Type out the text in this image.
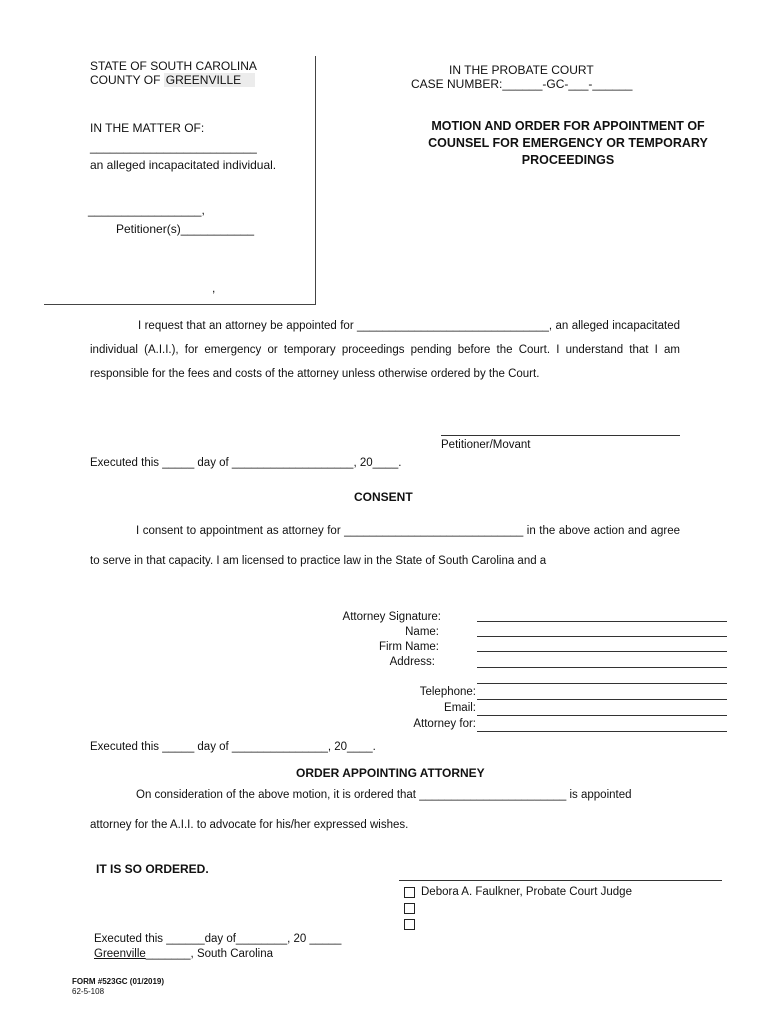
STATE OF SOUTH CAROLINA
COUNTY OF GREENVILLE
IN THE PROBATE COURT
CASE NUMBER:______-GC-___-______
IN THE MATTER OF:
_________________________
an alleged incapacitated individual.
_________________,
Petitioner(s)___________
,
MOTION AND ORDER FOR APPOINTMENT OF COUNSEL FOR EMERGENCY OR TEMPORARY PROCEEDINGS
I request that an attorney be appointed for ______________________________, an alleged incapacitated individual (A.I.I.), for emergency or temporary proceedings pending before the Court. I understand that I am responsible for the fees and costs of the attorney unless otherwise ordered by the Court.
Petitioner/Movant
Executed this _____ day of ___________________, 20____.
CONSENT
I consent to appointment as attorney for ____________________________ in the above action and agree to serve in that capacity. I am licensed to practice law in the State of South Carolina and a
Attorney Signature:
Name:
Firm Name:
Address:
Telephone:
Email:
Attorney for:
Executed this _____ day of _______________, 20____.
ORDER APPOINTING ATTORNEY
On consideration of the above motion, it is ordered that _______________________ is appointed
attorney for the A.I.I. to advocate for his/her expressed wishes.
IT IS SO ORDERED.
Debora A. Faulkner, Probate Court Judge
Executed this ______day of________, 20 _____
Greenville_______, South Carolina
FORM #523GC (01/2019)
62-5-108
